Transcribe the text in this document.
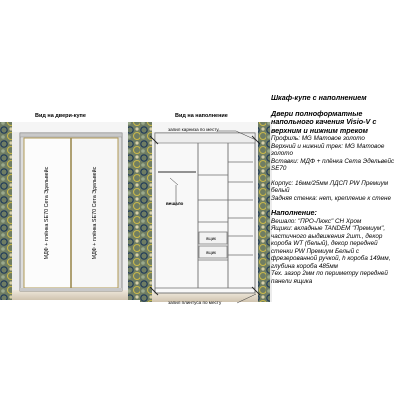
Вид на двери-купе	Вид на наполнение
запил карниза по месту
вешало
ящик
ящик
запил плинтуса по месту
МДФ + плёнка SE70 Сета Эдельвейс	МДФ + плёнка SE70 Сета Эдельвейс
Шкаф-купе с наполнением
Двери полноформатные напольного качения Visio-V с верхним и нижним треком
Профиль: MG Матовое золото
Верхний и нижний трек: MG Матовое золото
Вставки: МДФ + плёнка Сета Эдельвейс SE70
Корпус: 16мм/25мм ЛДСП PW Премиум белый
Задняя стенка: нет, крепление к стене
Наполнение:
Вешало: "ПРО-Люкс" СН Хром
Ящики: вкладные TANDEM "Премиум", частичного выдвижения 2шт., декор короба WT (белый), декор передней стенки PW Премиум Белый с фрезерованной ручкой, h короба 149мм, глубина короба 485мм
Тех. зазор 2мм по периметру передней панели ящика
